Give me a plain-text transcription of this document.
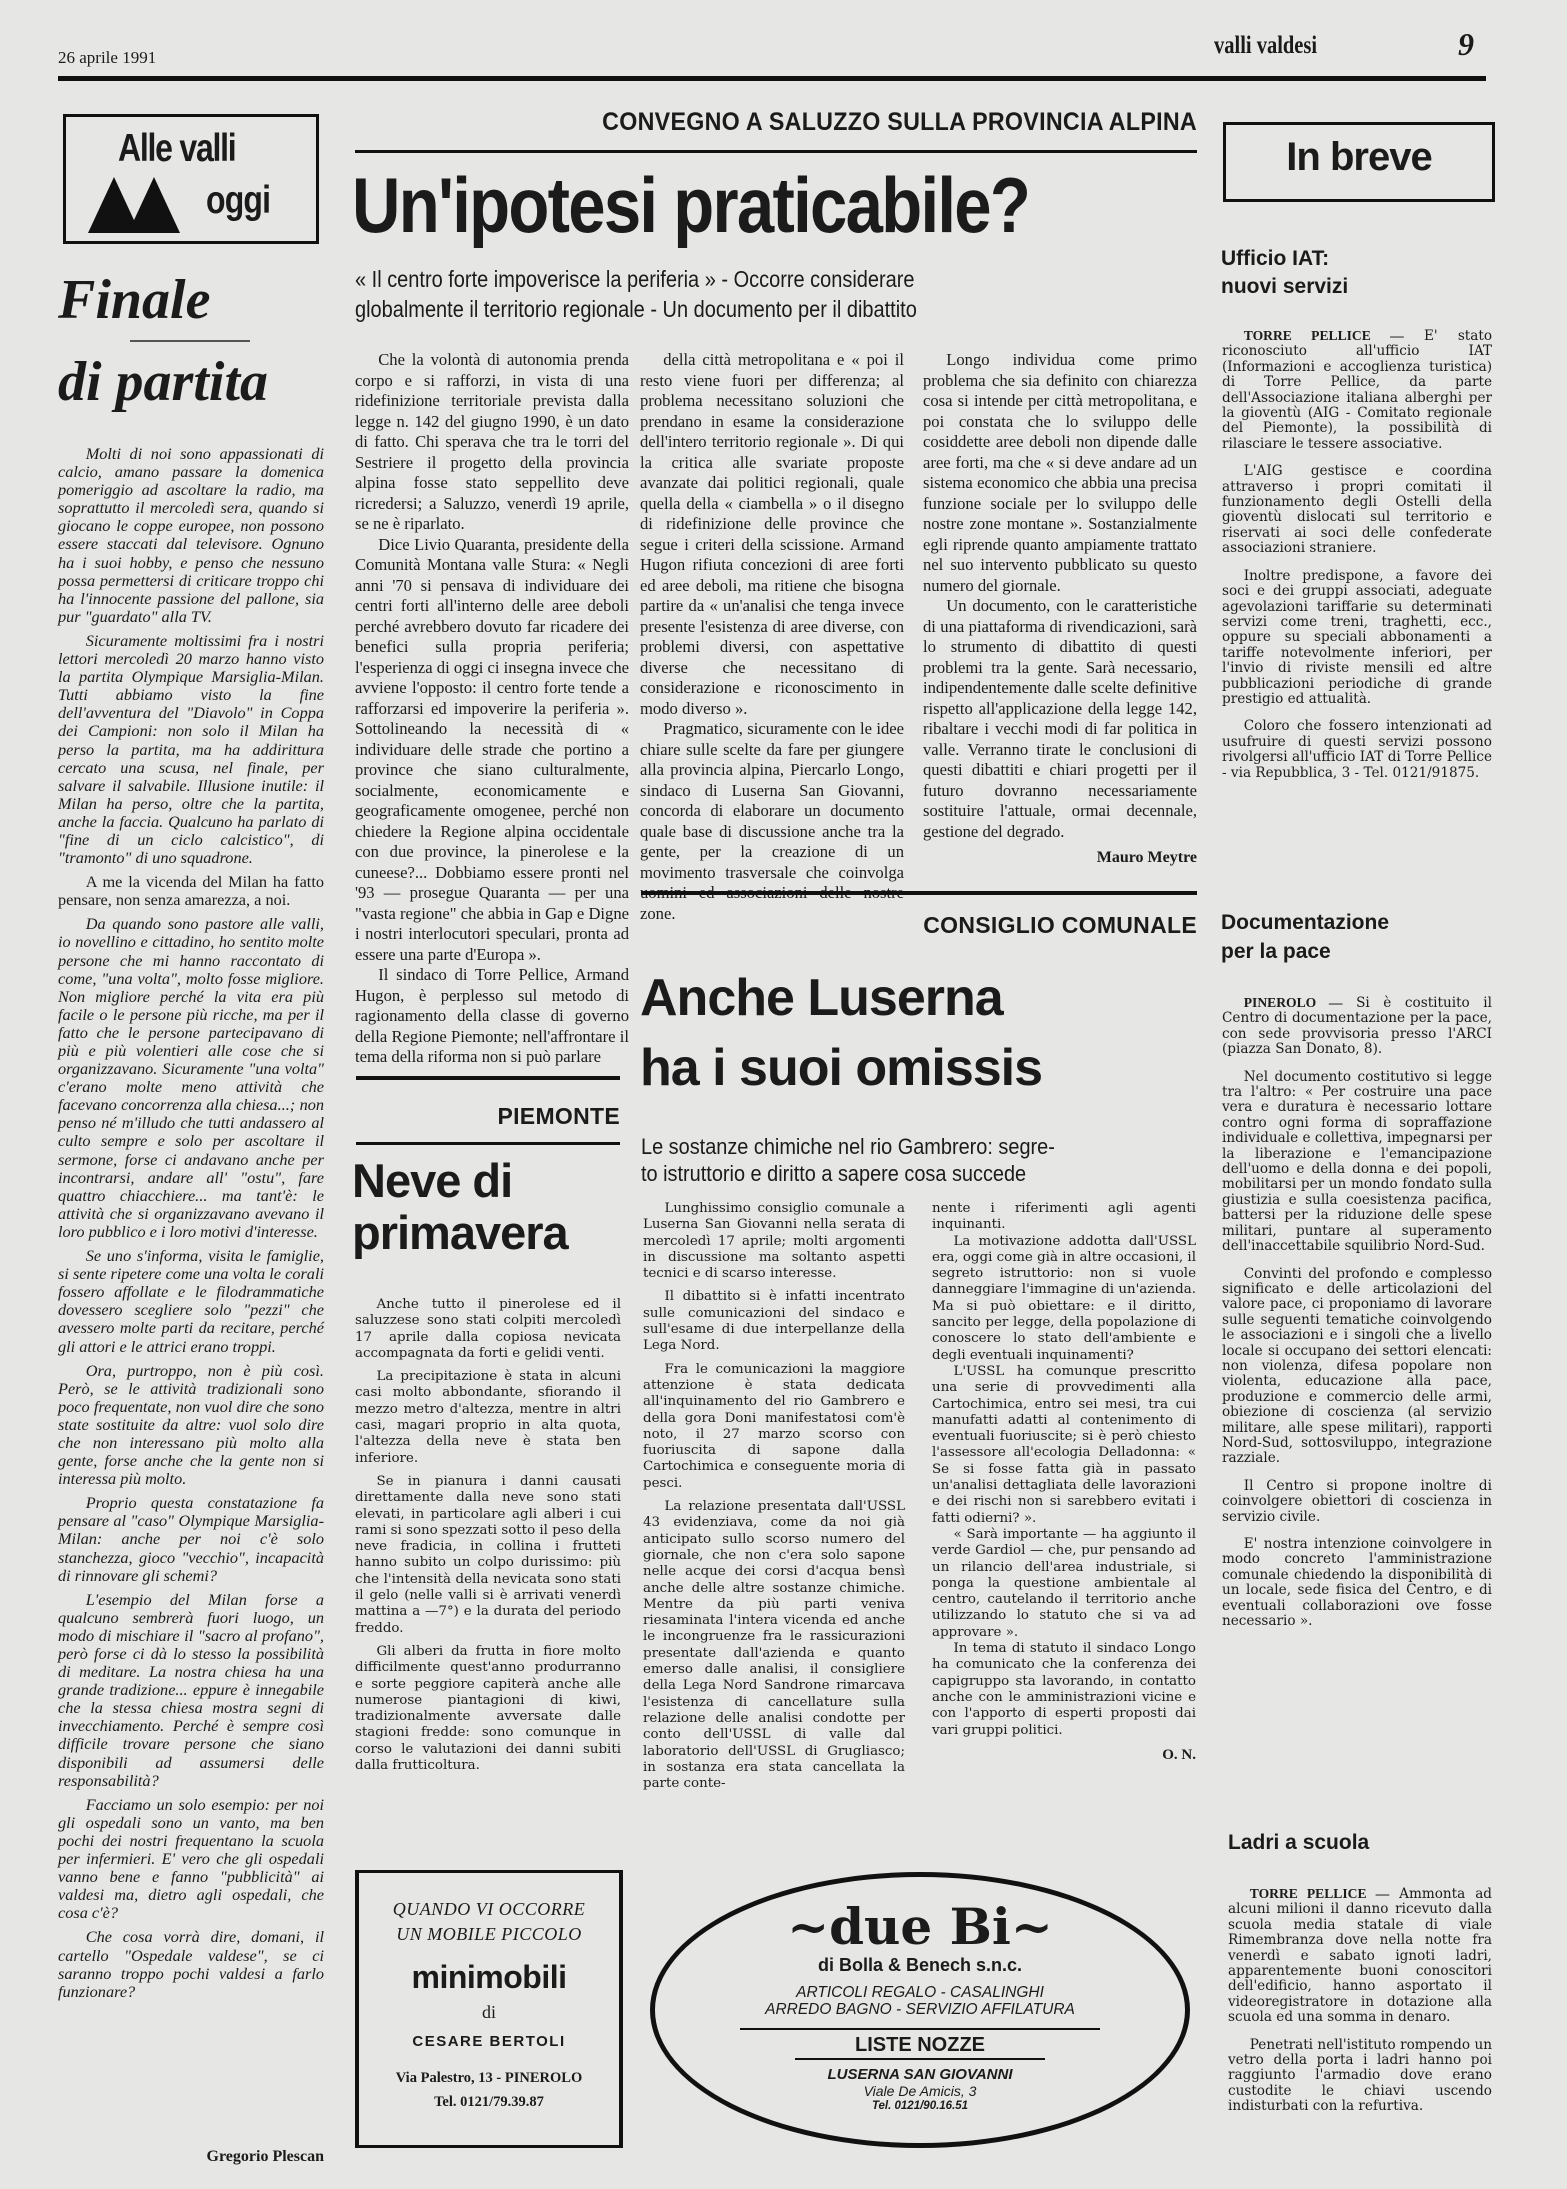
26 aprile 1991	valli valdesi	9
Alle valli
oggi
Finale
di partita

Molti di noi sono appassionati di calcio, amano passare la domenica pomeriggio ad ascoltare la radio, ma soprattutto il mercoledì sera, quando si giocano le coppe europee, non possono essere staccati dal televisore. Ognuno ha i suoi hobby, e penso che nessuno possa permettersi di criticare troppo chi ha l'innocente passione del pallone, sia pur "guardato" alla TV.

Sicuramente moltissimi fra i nostri lettori mercoledì 20 marzo hanno visto la partita Olympique Marsiglia-Milan. Tutti abbiamo visto la fine dell'avventura del "Diavolo" in Coppa dei Campioni: non solo il Milan ha perso la partita, ma ha addirittura cercato una scusa, nel finale, per salvare il salvabile. Illusione inutile: il Milan ha perso, oltre che la partita, anche la faccia. Qualcuno ha parlato di "fine di un ciclo calcistico", di "tramonto" di uno squadrone.

A me la vicenda del Milan ha fatto pensare, non senza amarezza, a noi.

Da quando sono pastore alle valli, io novellino e cittadino, ho sentito molte persone che mi hanno raccontato di come, "una volta", molto fosse migliore. Non migliore perché la vita era più facile o le persone più ricche, ma per il fatto che le persone partecipavano di più e più volentieri alle cose che si organizzavano. Sicuramente "una volta" c'erano molte meno attività che facevano concorrenza alla chiesa...; non penso né m'illudo che tutti andassero al culto sempre e solo per ascoltare il sermone, forse ci andavano anche per incontrarsi, andare all' "ostu", fare quattro chiacchiere... ma tant'è: le attività che si organizzavano avevano il loro pubblico e i loro motivi d'interesse.

Se uno s'informa, visita le famiglie, si sente ripetere come una volta le corali fossero affollate e le filodrammatiche dovessero scegliere solo "pezzi" che avessero molte parti da recitare, perché gli attori e le attrici erano troppi.

Ora, purtroppo, non è più così. Però, se le attività tradizionali sono poco frequentate, non vuol dire che sono state sostituite da altre: vuol solo dire che non interessano più molto alla gente, forse anche che la gente non si interessa più molto.

Proprio questa constatazione fa pensare al "caso" Olympique Marsiglia-Milan: anche per noi c'è solo stanchezza, gioco "vecchio", incapacità di rinnovare gli schemi?

L'esempio del Milan forse a qualcuno sembrerà fuori luogo, un modo di mischiare il "sacro al profano", però forse ci dà lo stesso la possibilità di meditare. La nostra chiesa ha una grande tradizione... eppure è innegabile che la stessa chiesa mostra segni di invecchiamento. Perché è sempre così difficile trovare persone che siano disponibili ad assumersi delle responsabilità?

Facciamo un solo esempio: per noi gli ospedali sono un vanto, ma ben pochi dei nostri frequentano la scuola per infermieri. E' vero che gli ospedali vanno bene e fanno "pubblicità" ai valdesi ma, dietro agli ospedali, che cosa c'è?

Che cosa vorrà dire, domani, il cartello "Ospedale valdese", se ci saranno troppo pochi valdesi a farlo funzionare?

Gregorio Plescan
CONVEGNO A SALUZZO SULLA PROVINCIA ALPINA
Un'ipotesi praticabile?
« Il centro forte impoverisce la periferia » - Occorre considerare
globalmente il territorio regionale - Un documento per il dibattito

Che la volontà di autonomia prenda corpo e si rafforzi, in vista di una ridefinizione territoriale prevista dalla legge n. 142 del giugno 1990, è un dato di fatto. Chi sperava che tra le torri del Sestriere il progetto della provincia alpina fosse stato seppellito deve ricredersi; a Saluzzo, venerdì 19 aprile, se ne è riparlato.

Dice Livio Quaranta, presidente della Comunità Montana valle Stura: « Negli anni '70 si pensava di individuare dei centri forti all'interno delle aree deboli perché avrebbero dovuto far ricadere dei benefici sulla propria periferia; l'esperienza di oggi ci insegna invece che avviene l'opposto: il centro forte tende a rafforzarsi ed impoverire la periferia ». Sottolineando la necessità di « individuare delle strade che portino a province che siano culturalmente, socialmente, economicamente e geograficamente omogenee, perché non chiedere la Regione alpina occidentale con due province, la pinerolese e la cuneese?... Dobbiamo essere pronti nel '93 — prosegue Quaranta — per una "vasta regione" che abbia in Gap e Digne i nostri interlocutori speculari, pronta ad essere una parte d'Europa ».

Il sindaco di Torre Pellice, Armand Hugon, è perplesso sul metodo di ragionamento della classe di governo della Regione Piemonte; nell'affrontare il tema della riforma non si può parlare

della città metropolitana e « poi il resto viene fuori per differenza; al problema necessitano soluzioni che prendano in esame la considerazione dell'intero territorio regionale ». Di qui la critica alle svariate proposte avanzate dai politici regionali, quale quella della « ciambella » o il disegno di ridefinizione delle province che segue i criteri della scissione. Armand Hugon rifiuta concezioni di aree forti ed aree deboli, ma ritiene che bisogna partire da « un'analisi che tenga invece presente l'esistenza di aree diverse, con problemi diversi, con aspettative diverse che necessitano di considerazione e riconoscimento in modo diverso ».

Pragmatico, sicuramente con le idee chiare sulle scelte da fare per giungere alla provincia alpina, Piercarlo Longo, sindaco di Luserna San Giovanni, concorda di elaborare un documento quale base di discussione anche tra la gente, per la creazione di un movimento trasversale che coinvolga zone.

Longo individua come primo problema che sia definito con chiarezza cosa si intende per città metropolitana, e poi constata che lo sviluppo delle cosiddette aree deboli non dipende dalle aree forti, ma che « si deve andare ad un sistema economico che abbia una precisa funzione sociale per lo sviluppo delle nostre zone montane ». Sostanzialmente egli riprende quanto ampiamente trattato nel suo intervento pubblicato su questo numero del giornale.

Un documento, con le caratteristiche di una piattaforma di rivendicazioni, sarà lo strumento di dibattito di questi problemi tra la gente. Sarà necessario, indipendentemente dalle scelte definitive rispetto all'applicazione della legge 142, ribaltare i vecchi modi di far politica in valle. Verranno tirate le conclusioni di questi dibattiti e chiari progetti per il futuro dovranno necessariamente sostituire l'attuale, ormai decennale, gestione del degrado.

Mauro Meytre
PIEMONTE
Neve di
primavera

Anche tutto il pinerolese ed il saluzzese sono stati colpiti mercoledì 17 aprile dalla copiosa nevicata accompagnata da forti e gelidi venti.

La precipitazione è stata in alcuni casi molto abbondante, sfiorando il mezzo metro d'altezza, mentre in altri casi, magari proprio in alta quota, l'altezza della neve è stata ben inferiore.

Se in pianura i danni causati direttamente dalla neve sono stati elevati, in particolare agli alberi i cui rami si sono spezzati sotto il peso della neve fradicia, in collina i frutteti hanno subito un colpo durissimo: più che l'intensità della nevicata sono stati il gelo (nelle valli si è arrivati venerdì mattina a —7°) e la durata del periodo freddo.

Gli alberi da frutta in fiore molto difficilmente quest'anno produrranno e sorte peggiore capiterà anche alle numerose piantagioni di kiwi, tradizionalmente avversate dalle stagioni fredde: sono comunque in corso le valutazioni dei danni subiti dalla frutticoltura.

QUANDO VI OCCORRE
UN MOBILE PICCOLO
minimobili
di
CESARE BERTOLI
Via Palestro, 13 - PINEROLO
Tel. 0121/79.39.87
CONSIGLIO COMUNALE
Anche Luserna
ha i suoi omissis
Le sostanze chimiche nel rio Gambrero: segre-
to istruttorio e diritto a sapere cosa succede

Lunghissimo consiglio comunale a Luserna San Giovanni nella serata di mercoledì 17 aprile; molti argomenti in discussione ma soltanto aspetti tecnici e di scarso interesse.

Il dibattito si è infatti incentrato sulle comunicazioni del sindaco e sull'esame di due interpellanze della Lega Nord.

Fra le comunicazioni la maggiore attenzione è stata dedicata all'inquinamento del rio Gambrero e della gora Doni manifestatosi com'è noto, il 27 marzo scorso con fuoriuscita di sapone dalla Cartochimica e conseguente moria di pesci.

La relazione presentata dall'USSL 43 evidenziava, come da noi già anticipato sullo scorso numero del giornale, che non c'era solo sapone nelle acque dei corsi d'acqua bensì anche delle altre sostanze chimiche. Mentre da più parti veniva riesaminata l'intera vicenda ed anche le incongruenze fra le rassicurazioni presentate dall'azienda e quanto emerso dalle analisi, il consigliere della Lega Nord Sandrone rimarcava l'esistenza di cancellature sulla relazione delle analisi condotte per conto dell'USSL di valle dal laboratorio dell'USSL di Grugliasco; in sostanza era stata cancellata la parte conte-

nente i riferimenti agli agenti inquinanti.

La motivazione addotta dall'USSL era, oggi come già in altre occasioni, il segreto istruttorio: non si vuole danneggiare l'immagine di un'azienda. Ma si può obiettare: e il diritto, sancito per legge, della popolazione di conoscere lo stato dell'ambiente e degli eventuali inquinamenti?

L'USSL ha comunque prescritto una serie di provvedimenti alla Cartochimica, entro sei mesi, tra cui manufatti adatti al contenimento di eventuali fuoriuscite; si è però chiesto l'assessore all'ecologia Delladonna: « Se si fosse fatta già in passato un'analisi dettagliata delle lavorazioni e dei rischi non si sarebbero evitati i fatti odierni? ».

« Sarà importante — ha aggiunto il verde Gardiol — che, pur pensando ad un rilancio dell'area industriale, si ponga la questione ambientale al centro, cautelando il territorio anche utilizzando lo statuto che si va ad approvare ».

In tema di statuto il sindaco Longo ha comunicato che la conferenza dei capigruppo sta lavorando, in contatto anche con le amministrazioni vicine e con l'apporto di esperti proposti dai vari gruppi politici.

O. N.
~due Bi~
di Bolla & Benech s.n.c.
ARTICOLI REGALO - CASALINGHI
ARREDO BAGNO - SERVIZIO AFFILATURA
LISTE NOZZE
LUSERNA SAN GIOVANNI
Viale De Amicis, 3
Tel. 0121/90.16.51
In breve
Ufficio IAT:
nuovi servizi

TORRE PELLICE — E' stato riconosciuto all'ufficio IAT (Informazioni e accoglienza turistica) di Torre Pellice, da parte dell'Associazione italiana alberghi per la gioventù (AIG - Comitato regionale del Piemonte), la possibilità di rilasciare le tessere associative.

L'AIG gestisce e coordina attraverso i propri comitati il funzionamento degli Ostelli della gioventù dislocati sul territorio e riservati ai soci delle confederate associazioni straniere.

Inoltre predispone, a favore dei soci e dei gruppi associati, adeguate agevolazioni tariffarie su determinati servizi come treni, traghetti, ecc., oppure su speciali abbonamenti a tariffe notevolmente inferiori, per l'invio di riviste mensili ed altre pubblicazioni periodiche di grande prestigio ed attualità.

Coloro che fossero intenzionati ad usufruire di questi servizi possono rivolgersi all'ufficio IAT di Torre Pellice - via Repubblica, 3 - Tel. 0121/91875.

Documentazione
per la pace

PINEROLO — Si è costituito il Centro di documentazione per la pace, con sede provvisoria presso l'ARCI (piazza San Donato, 8).

Nel documento costitutivo si legge tra l'altro: « Per costruire una pace vera e duratura è necessario lottare contro ogni forma di sopraffazione individuale e collettiva, impegnarsi per la liberazione e l'emancipazione dell'uomo e della donna e dei popoli, mobilitarsi per un mondo fondato sulla giustizia e sulla coesistenza pacifica, battersi per la riduzione delle spese militari, puntare al superamento dell'inaccettabile squilibrio Nord-Sud.

Convinti del profondo e complesso significato e delle articolazioni del valore pace, ci proponiamo di lavorare sulle seguenti tematiche coinvolgendo le associazioni e i singoli che a livello locale si occupano dei settori elencati: non violenza, difesa popolare non violenta, educazione alla pace, produzione e commercio delle armi, obiezione di coscienza (al servizio militare, alle spese militari), rapporti Nord-Sud, sottosviluppo, integrazione razziale.

Il Centro si propone inoltre di coinvolgere obiettori di coscienza in servizio civile.

E' nostra intenzione coinvolgere in modo concreto l'amministrazione comunale chiedendo la disponibilità di un locale, sede fisica del Centro, e di eventuali collaborazioni ove fosse necessario ».

Ladri a scuola

TORRE PELLICE — Ammonta ad alcuni milioni il danno ricevuto dalla scuola media statale di viale Rimembranza dove nella notte fra venerdì e sabato ignoti ladri, apparentemente buoni conoscitori dell'edificio, hanno asportato il videoregistratore in dotazione alla scuola ed una somma in denaro.

Penetrati nell'istituto rompendo un vetro della porta i ladri hanno poi raggiunto l'armadio dove erano custodite le chiavi uscendo indisturbati con la refurtiva.
